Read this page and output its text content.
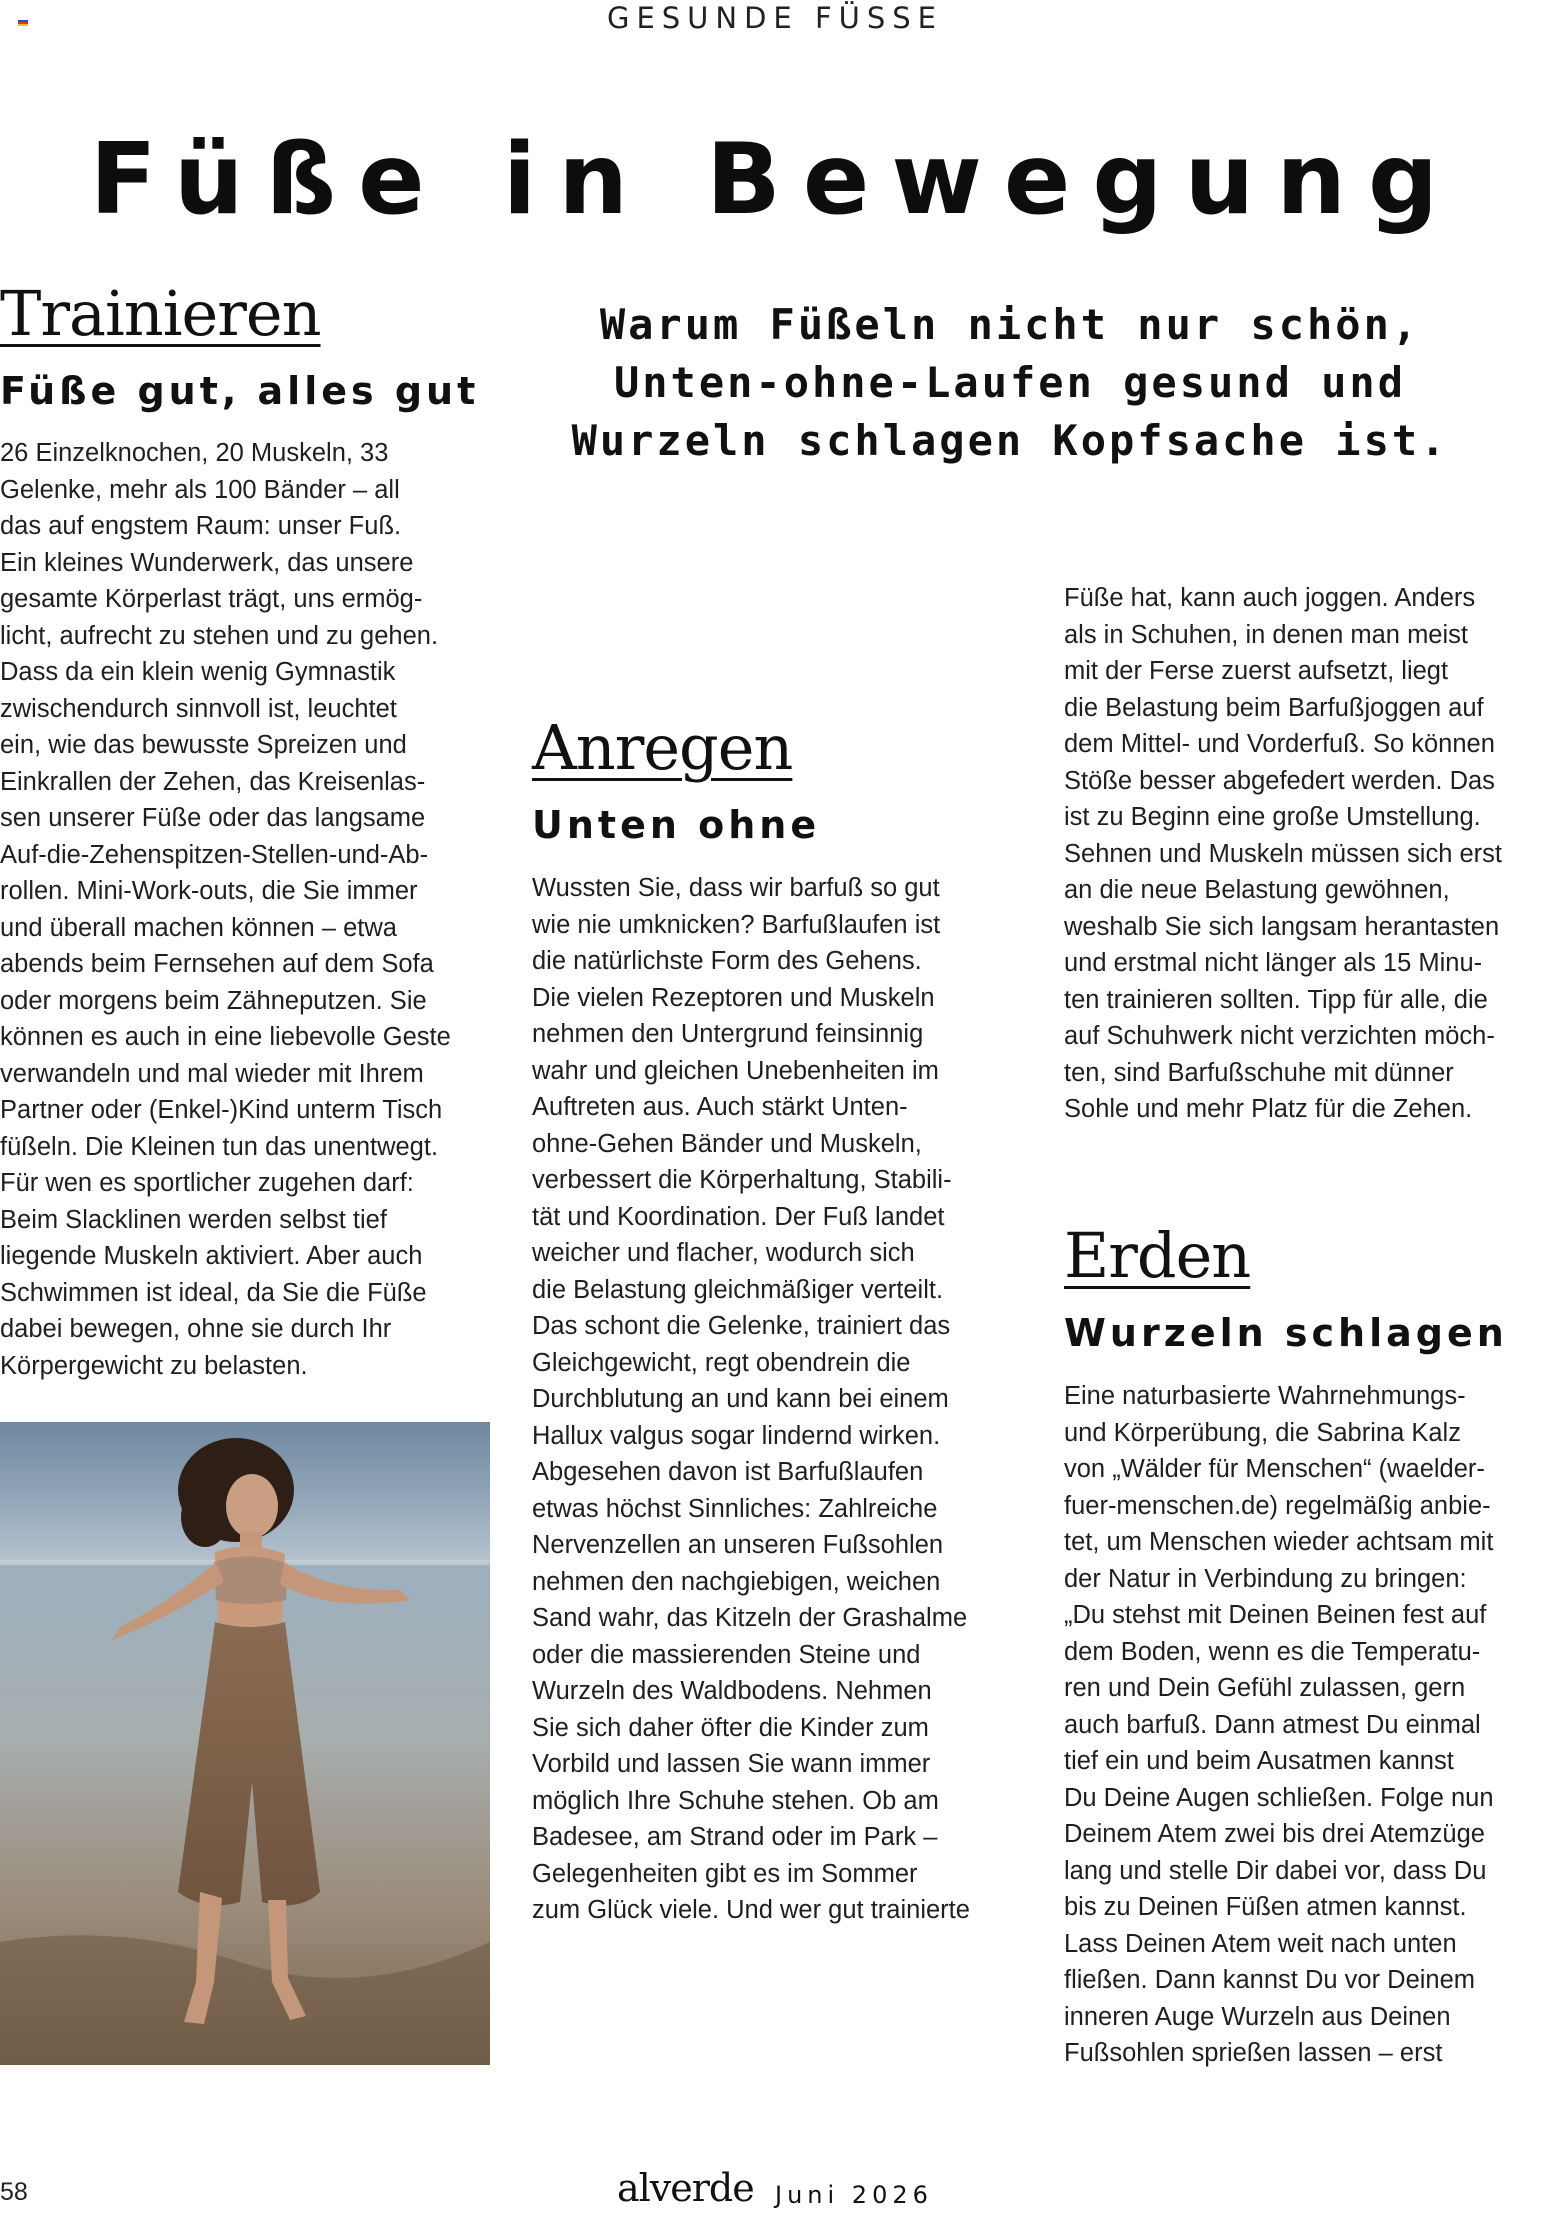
GESUNDE FÜSSE
Füße in Bewegung
Warum Füßeln nicht nur schön,
Unten-ohne-Laufen gesund und
Wurzeln schlagen Kopfsache ist.
Trainieren
Füße gut, alles gut
26 Einzelknochen, 20 Muskeln, 33
Gelenke, mehr als 100 Bänder – all
das auf engstem Raum: unser Fuß.
Ein kleines Wunderwerk, das unsere
gesamte Körperlast trägt, uns ermög-
licht, aufrecht zu stehen und zu gehen.
Dass da ein klein wenig Gymnastik
zwischendurch sinnvoll ist, leuchtet
ein, wie das bewusste Spreizen und
Einkrallen der Zehen, das Kreisenlas-
sen unserer Füße oder das langsame
Auf-die-Zehenspitzen-Stellen-und-Ab-
rollen. Mini-Work-outs, die Sie immer
und überall machen können – etwa
abends beim Fernsehen auf dem Sofa
oder morgens beim Zähneputzen. Sie
können es auch in eine liebevolle Geste
verwandeln und mal wieder mit Ihrem
Partner oder (Enkel-)Kind unterm Tisch
füßeln. Die Kleinen tun das unentwegt.
Für wen es sportlicher zugehen darf:
Beim Slacklinen werden selbst tief
liegende Muskeln aktiviert. Aber auch
Schwimmen ist ideal, da Sie die Füße
dabei bewegen, ohne sie durch Ihr
Körpergewicht zu belasten.
Anregen
Unten ohne
Wussten Sie, dass wir barfuß so gut
wie nie umknicken? Barfußlaufen ist
die natürlichste Form des Gehens.
Die vielen Rezeptoren und Muskeln
nehmen den Untergrund feinsinnig
wahr und gleichen Unebenheiten im
Auftreten aus. Auch stärkt Unten-
ohne-Gehen Bänder und Muskeln,
verbessert die Körperhaltung, Stabili-
tät und Koordination. Der Fuß landet
weicher und flacher, wodurch sich
die Belastung gleichmäßiger verteilt.
Das schont die Gelenke, trainiert das
Gleichgewicht, regt obendrein die
Durchblutung an und kann bei einem
Hallux valgus sogar lindernd wirken.
Abgesehen davon ist Barfußlaufen
etwas höchst Sinnliches: Zahlreiche
Nervenzellen an unseren Fußsohlen
nehmen den nachgiebigen, weichen
Sand wahr, das Kitzeln der Grashalme
oder die massierenden Steine und
Wurzeln des Waldbodens. Nehmen
Sie sich daher öfter die Kinder zum
Vorbild und lassen Sie wann immer
möglich Ihre Schuhe stehen. Ob am
Badesee, am Strand oder im Park –
Gelegenheiten gibt es im Sommer
zum Glück viele. Und wer gut trainierte
Füße hat, kann auch joggen. Anders
als in Schuhen, in denen man meist
mit der Ferse zuerst aufsetzt, liegt
die Belastung beim Barfußjoggen auf
dem Mittel- und Vorderfuß. So können
Stöße besser abgefedert werden. Das
ist zu Beginn eine große Umstellung.
Sehnen und Muskeln müssen sich erst
an die neue Belastung gewöhnen,
weshalb Sie sich langsam herantasten
und erstmal nicht länger als 15 Minu-
ten trainieren sollten. Tipp für alle, die
auf Schuhwerk nicht verzichten möch-
ten, sind Barfußschuhe mit dünner
Sohle und mehr Platz für die Zehen.
Erden
Wurzeln schlagen
Eine naturbasierte Wahrnehmungs-
und Körperübung, die Sabrina Kalz
von „Wälder für Menschen“ (waelder-
fuer-menschen.de) regelmäßig anbie-
tet, um Menschen wieder achtsam mit
der Natur in Verbindung zu bringen:
„Du stehst mit Deinen Beinen fest auf
dem Boden, wenn es die Temperatu-
ren und Dein Gefühl zulassen, gern
auch barfuß. Dann atmest Du einmal
tief ein und beim Ausatmen kannst
Du Deine Augen schließen. Folge nun
Deinem Atem zwei bis drei Atemzüge
lang und stelle Dir dabei vor, dass Du
bis zu Deinen Füßen atmen kannst.
Lass Deinen Atem weit nach unten
fließen. Dann kannst Du vor Deinem
inneren Auge Wurzeln aus Deinen
Fußsohlen sprießen lassen – erst
58	alverde Juni 2026
